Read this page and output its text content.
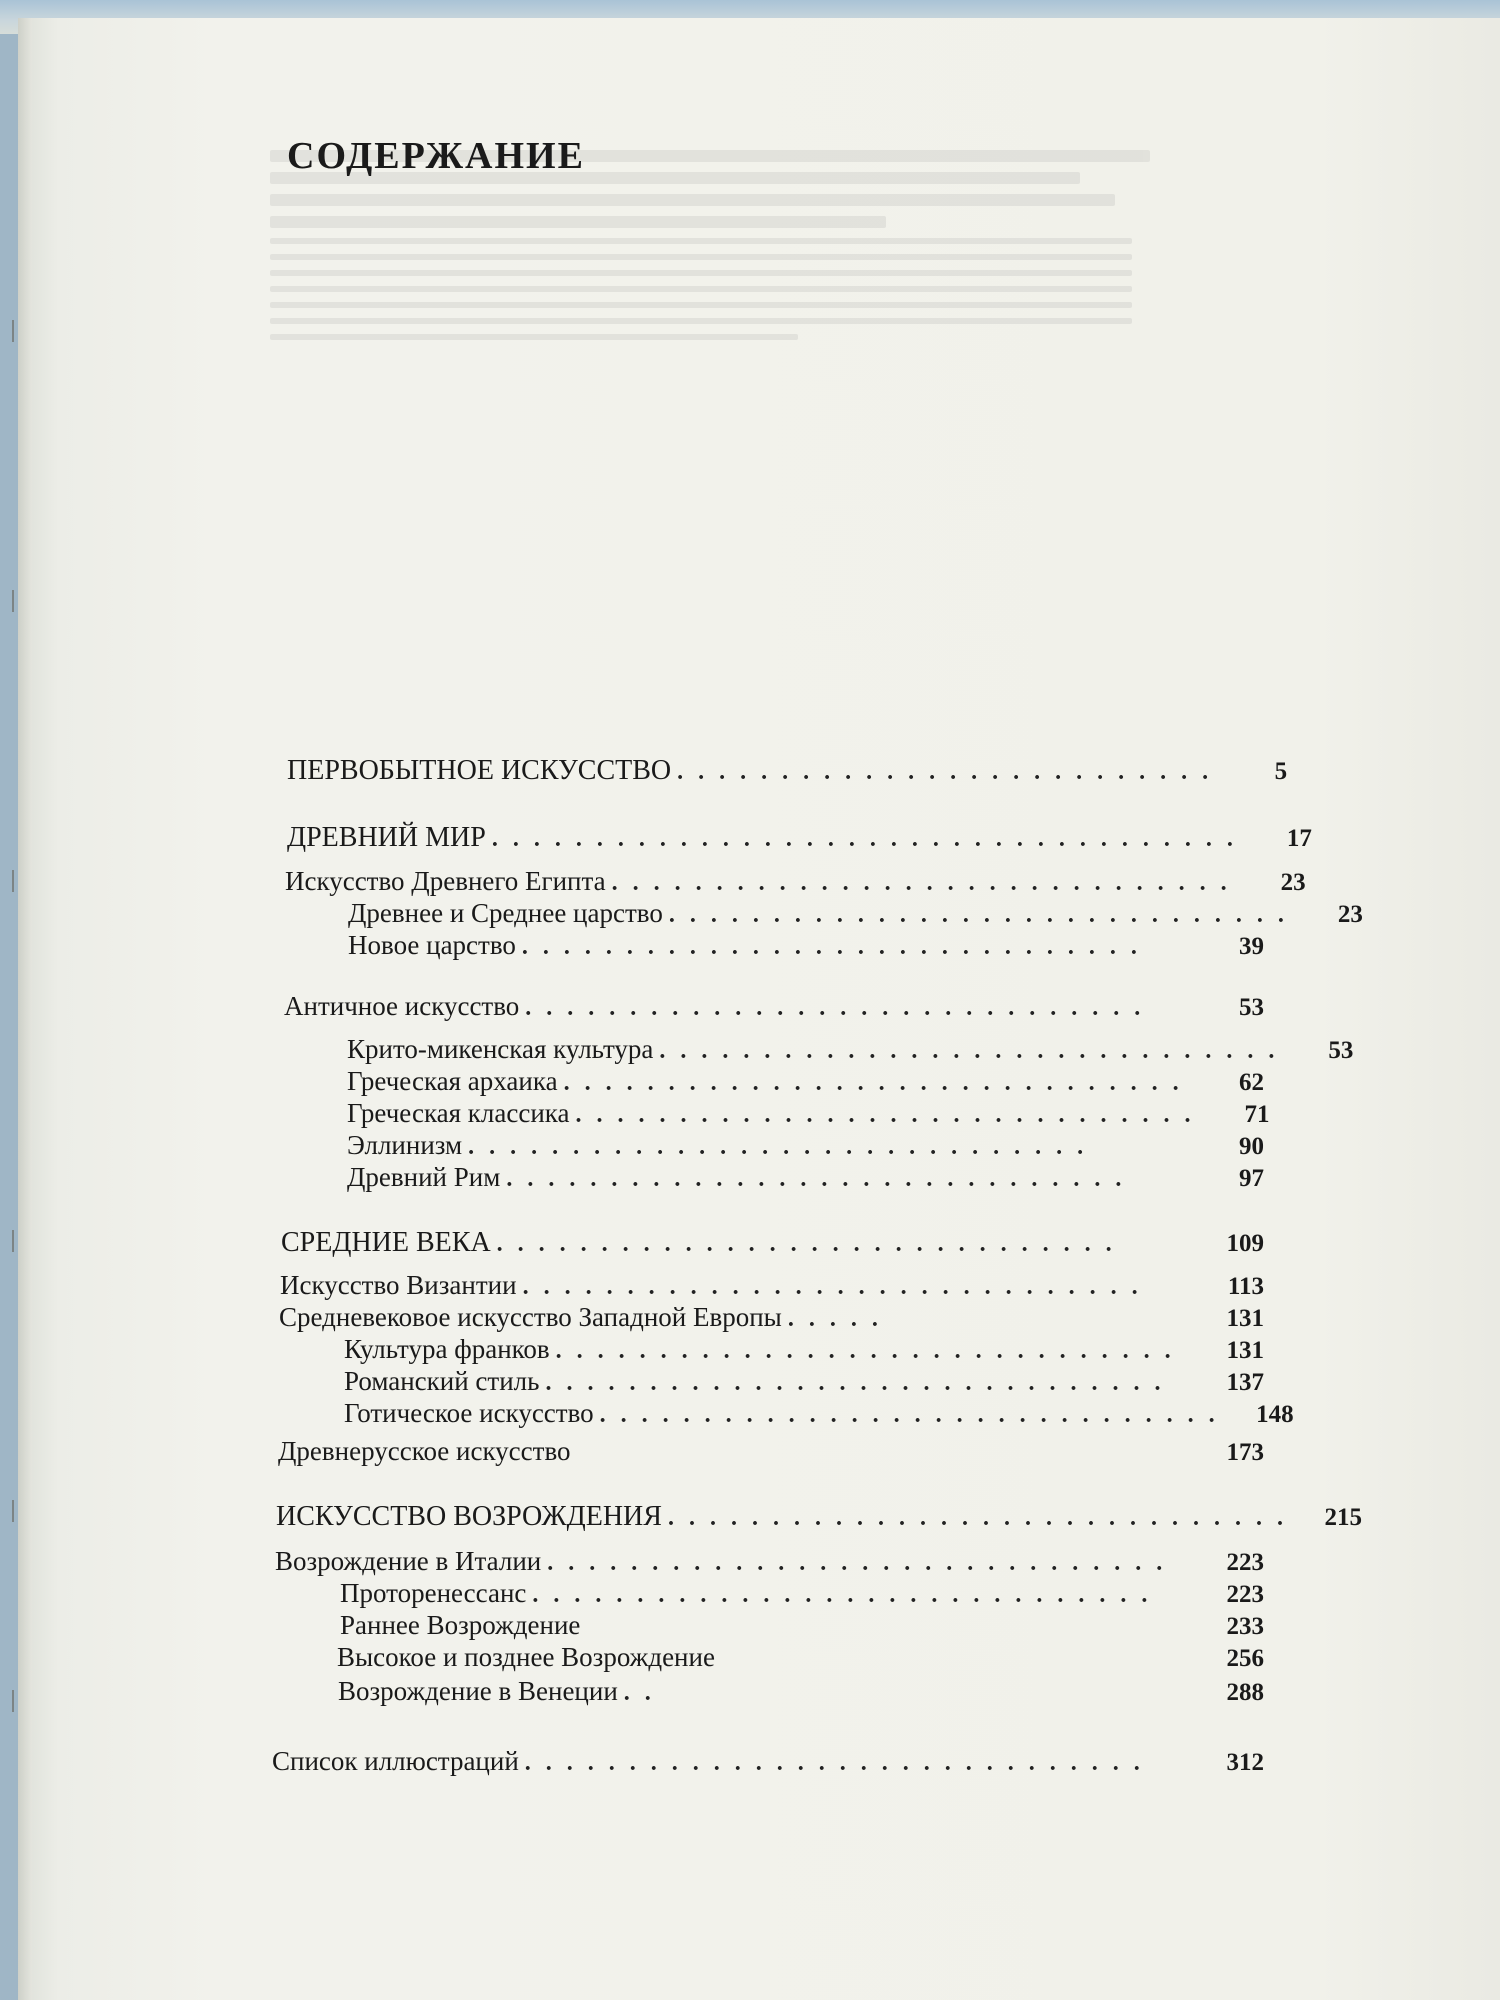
СОДЕРЖАНИЕ
ПЕРВОБЫТНОЕ ИСКУССТВО ..........................	5
ДРЕВНИЙ МИР ....................................	17
Искусство Древнего Египта ..............................	23
Древнее и Среднее царство ..............................	23
Новое царство ..............................	39
Античное искусство ..............................	53
Крито-микенская культура ..............................	53
Греческая архаика ..............................	62
Греческая классика ..............................	71
Эллинизм ..............................	90
Древний Рим ..............................	97
СРЕДНИЕ ВЕКА ..............................	109
Искусство Византии ..............................	113
Средневековое искусство Западной Европы .....	131
Культура франков ..............................	131
Романский стиль ..............................	137
Готическое искусство ..............................	148
Древнерусское искусство	173
ИСКУССТВО ВОЗРОЖДЕНИЯ ..............................	215
Возрождение в Италии ..............................	223
Проторенессанс ..............................	223
Раннее Возрождение	233
Высокое и позднее Возрождение	256
Возрождение в Венеции ..	288
Список иллюстраций ..............................	312
